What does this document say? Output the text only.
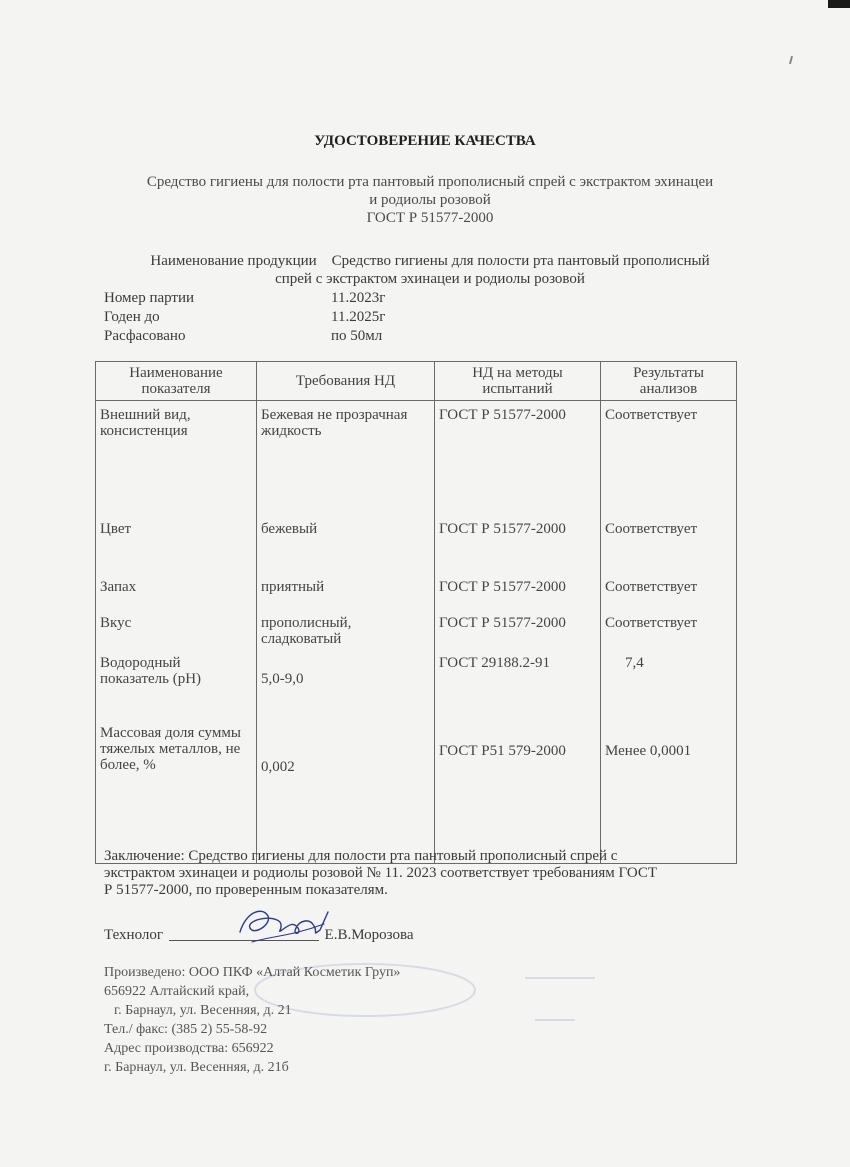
УДОСТОВЕРЕНИЕ КАЧЕСТВА
Средство гигиены для полости рта пантовый прополисный спрей с экстрактом эхинацеи
и родиолы розовой
ГОСТ Р 51577-2000
Наименование продукции Средство гигиены для полости рта пантовый прополисный
спрей с экстрактом эхинацеи и родиолы розовой
Номер партии	11.2023г
Годен до	11.2025г
Расфасовано	по 50мл
Наименование показателя	Требования НД	НД на методы испытаний	Результаты анализов
Внешний вид, консистенция	Бежевая не прозрачная жидкость	ГОСТ Р 51577-2000	Соответствует
Цвет	бежевый	ГОСТ Р 51577-2000	Соответствует
Запах	приятный	ГОСТ Р 51577-2000	Соответствует
Вкус	прополисный, сладковатый	ГОСТ Р 51577-2000	Соответствует
Водородный показатель (рН)	5,0-9,0	ГОСТ 29188.2-91	7,4
Массовая доля суммы тяжелых металлов, не более, %	0,002	ГОСТ Р51 579-2000	Менее 0,0001
Заключение: Средство гигиены для полости рта пантовый прополисный спрей с
экстрактом эхинацеи и родиолы розовой № 11. 2023 соответствует требованиям ГОСТ
Р 51577-2000, по проверенным показателям.
Технолог	Е.В.Морозова
Произведено: ООО ПКФ «Алтай Косметик Груп»
656922 Алтайский край,
г. Барнаул, ул. Весенняя, д. 21
Тел./ факс: (385 2) 55-58-92
Адрес производства: 656922
г. Барнаул, ул. Весенняя, д. 21б
